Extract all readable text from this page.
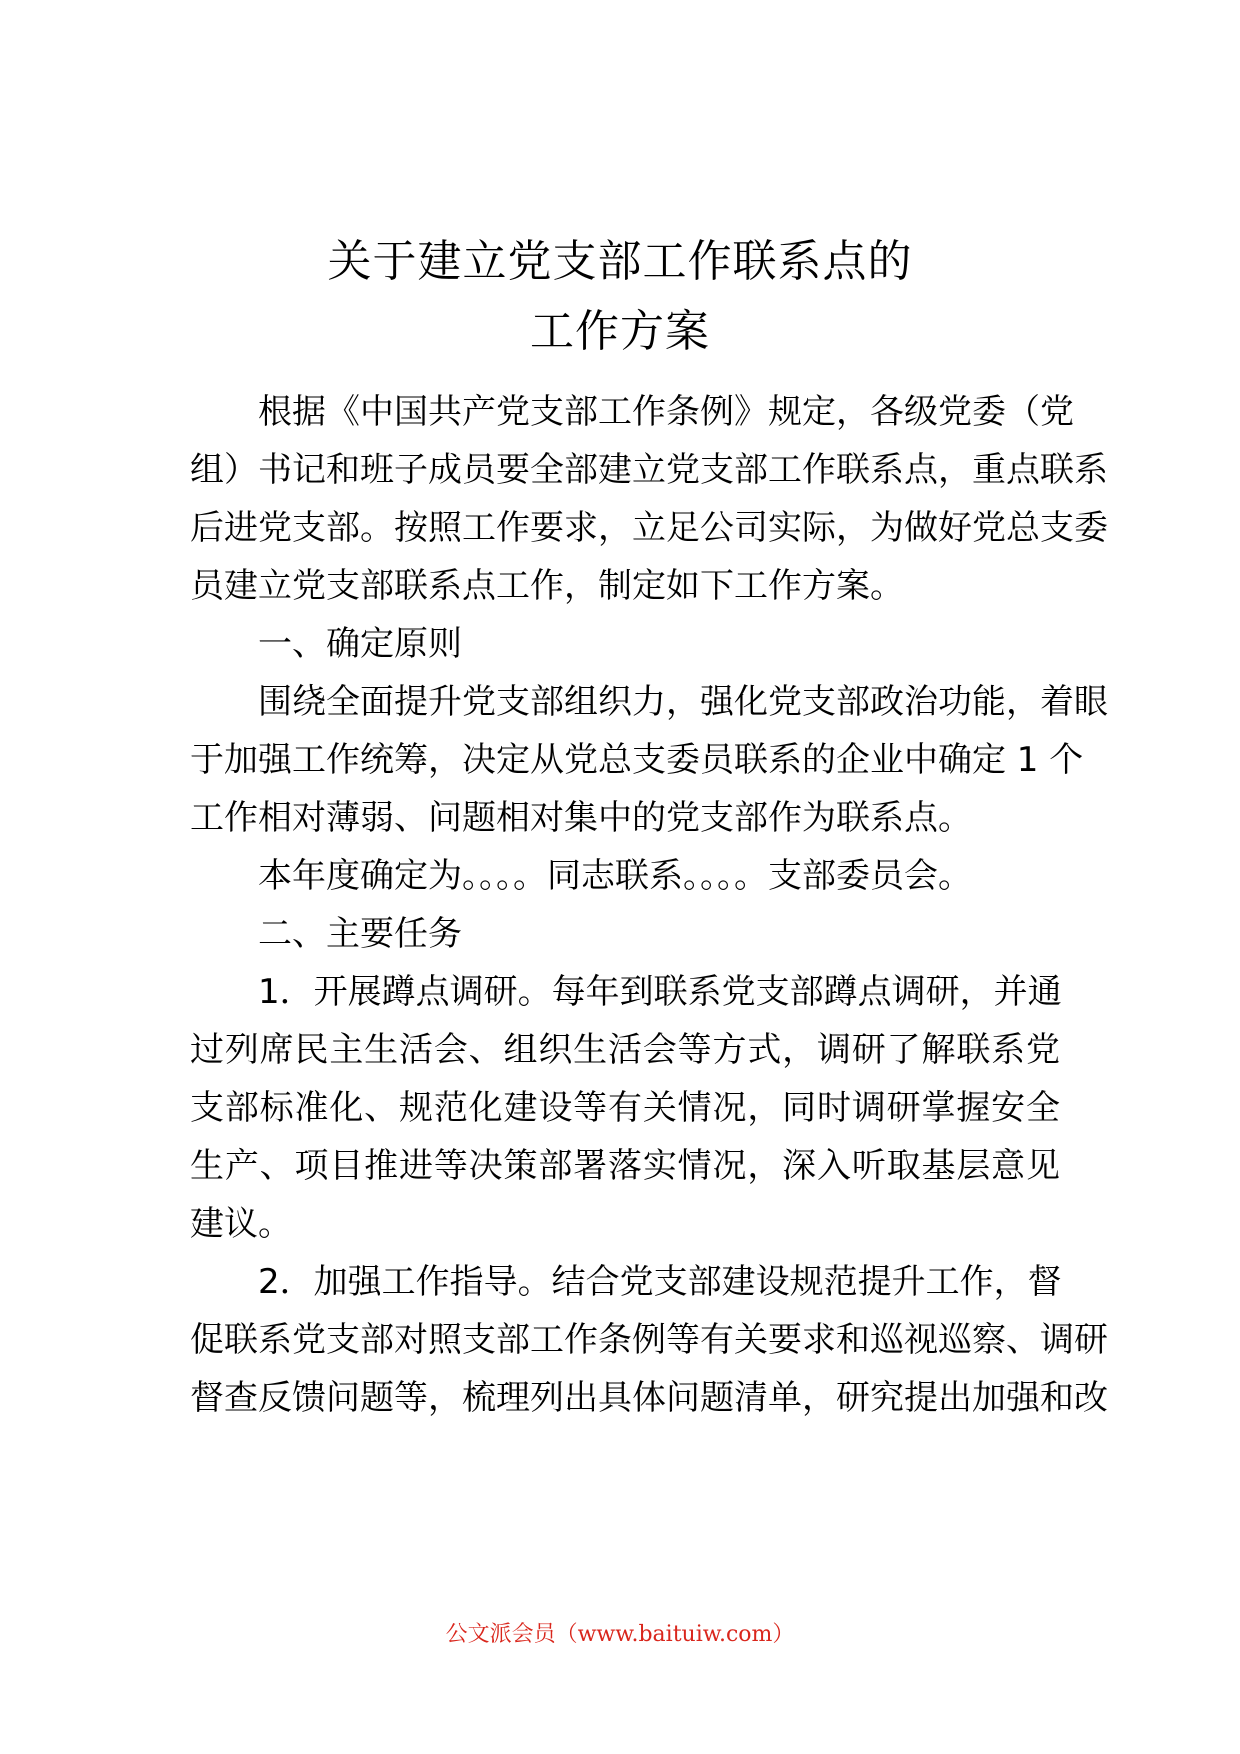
关于建立党支部工作联系点的
工作方案
根据《中国共产党支部工作条例》规定，各级党委（党
组）书记和班子成员要全部建立党支部工作联系点，重点联系
后进党支部。按照工作要求，立足公司实际，为做好党总支委
员建立党支部联系点工作，制定如下工作方案。
一、确定原则
围绕全面提升党支部组织力，强化党支部政治功能，着眼
于加强工作统筹，决定从党总支委员联系的企业中确定 1 个
工作相对薄弱、问题相对集中的党支部作为联系点。
本年度确定为。。。。同志联系。。。。支部委员会。
二、主要任务
1．开展蹲点调研。每年到联系党支部蹲点调研，并通
过列席民主生活会、组织生活会等方式，调研了解联系党
支部标准化、规范化建设等有关情况，同时调研掌握安全
生产、项目推进等决策部署落实情况，深入听取基层意见
建议。
2．加强工作指导。结合党支部建设规范提升工作，督
促联系党支部对照支部工作条例等有关要求和巡视巡察、调研
督查反馈问题等，梳理列出具体问题清单，研究提出加强和改
公文派会员（www.baituiw.com）
